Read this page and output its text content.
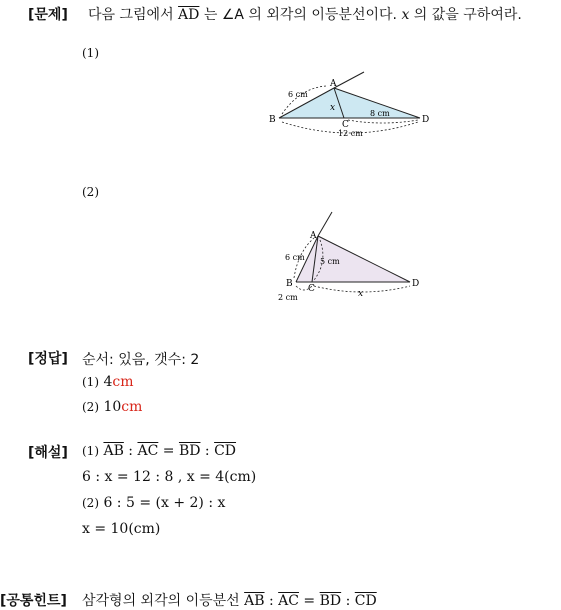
[문제] 다음 그림에서 $\overline{AD}$ 는 ∠A 의 외각의 이등분선이다. x 의 값을 구하여라.
(1)
A
B	C	D
6 cm
8 cm
12 cm
x
(2)
A
B C	D
6 cm 5 cm
2 cm	x
[정답] 순서: 있음, 갯수: 2
(1) 4cm
(2) 10cm
[해설] (1) $\overline{AB}$ : $\overline{AC} = \overline{BD}$ : $\overline{CD}$
6 : x = 12 : 8 , x = 4(cm)
(2) 6 : 5 = (x + 2) : x
x = 10(cm)
[공통힌트] 삼각형의 외각의 이등분선 $\overline{AB}$ : $\overline{AC} = \overline{BD}$ : $\overline{CD}$
